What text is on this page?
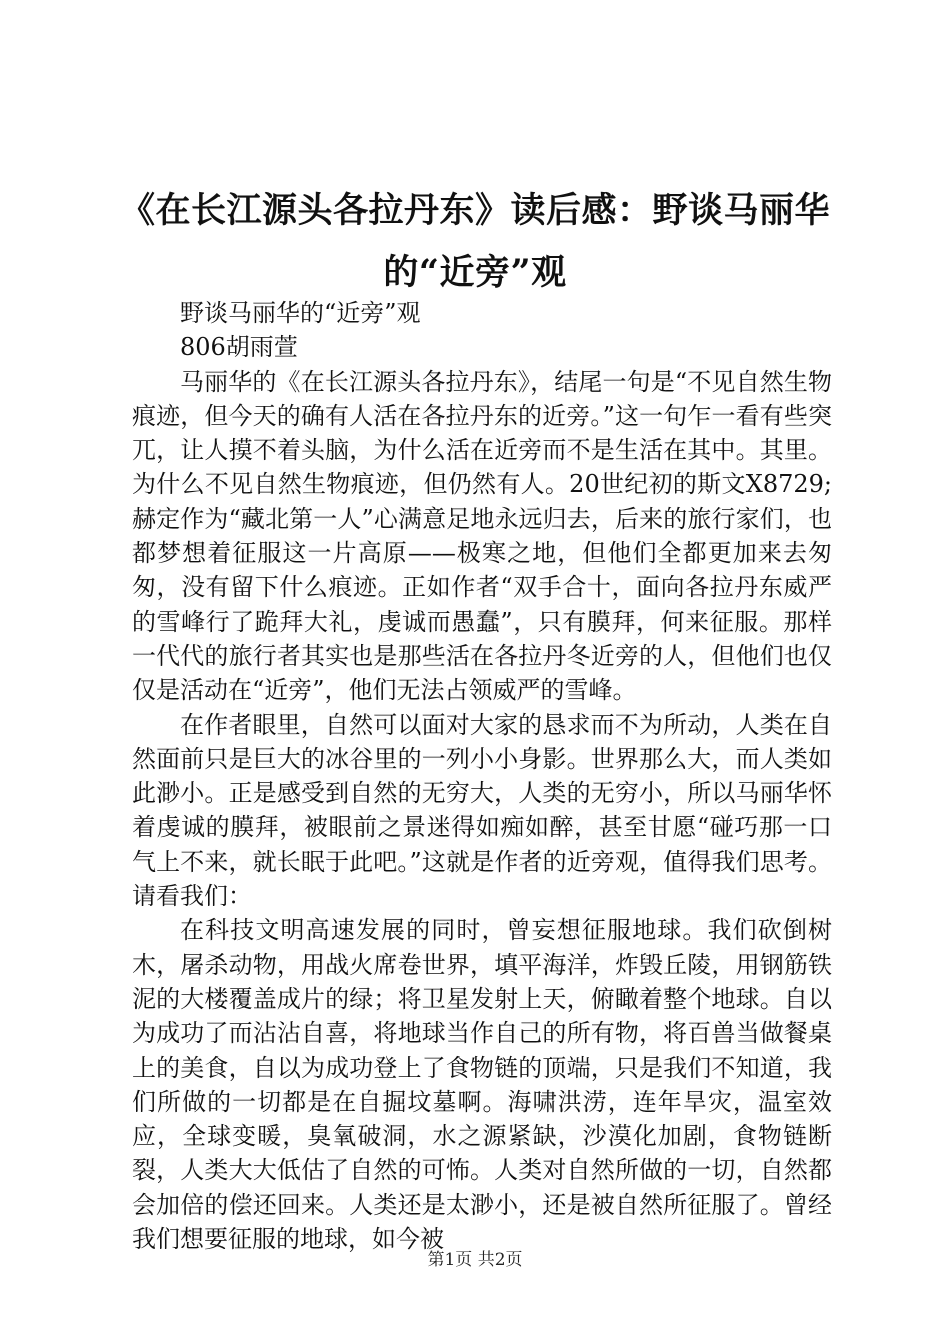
《在长江源头各拉丹东》读后感：野谈马丽华的“近旁”观

野谈马丽华的“近旁”观

806胡雨萱

马丽华的《在长江源头各拉丹东》，结尾一句是“不见自然生物痕迹，但今天的确有人活在各拉丹东的近旁。”这一句乍一看有些突兀，让人摸不着头脑，为什么活在近旁而不是生活在其中。其里。为什么不见自然生物痕迹，但仍然有人。20世纪初的斯文X8729;赫定作为“藏北第一人”心满意足地永远归去，后来的旅行家们，也都梦想着征服这一片高原——极寒之地，但他们全都更加来去匆匆，没有留下什么痕迹。正如作者“双手合十，面向各拉丹东威严的雪峰行了跪拜大礼，虔诚而愚蠢”，只有膜拜，何来征服。那样一代代的旅行者其实也是那些活在各拉丹冬近旁的人，但他们也仅仅是活动在“近旁”，他们无法占领威严的雪峰。

在作者眼里，自然可以面对大家的恳求而不为所动，人类在自然面前只是巨大的冰谷里的一列小小身影。世界那么大，而人类如此渺小。正是感受到自然的无穷大，人类的无穷小，所以马丽华怀着虔诚的膜拜，被眼前之景迷得如痴如醉，甚至甘愿“碰巧那一口气上不来，就长眠于此吧。”这就是作者的近旁观，值得我们思考。请看我们：

在科技文明高速发展的同时，曾妄想征服地球。我们砍倒树木，屠杀动物，用战火席卷世界，填平海洋，炸毁丘陵，用钢筋铁泥的大楼覆盖成片的绿；将卫星发射上天，俯瞰着整个地球。自以为成功了而沾沾自喜，将地球当作自己的所有物，将百兽当做餐桌上的美食，自以为成功登上了食物链的顶端，只是我们不知道，我们所做的一切都是在自掘坟墓啊。海啸洪涝，连年旱灾，温室效应，全球变暖，臭氧破洞，水之源紧缺，沙漠化加剧，食物链断裂，人类大大低估了自然的可怖。人类对自然所做的一切，自然都会加倍的偿还回来。人类还是太渺小，还是被自然所征服了。曾经我们想要征服的地球，如今被

第1页 共2页
